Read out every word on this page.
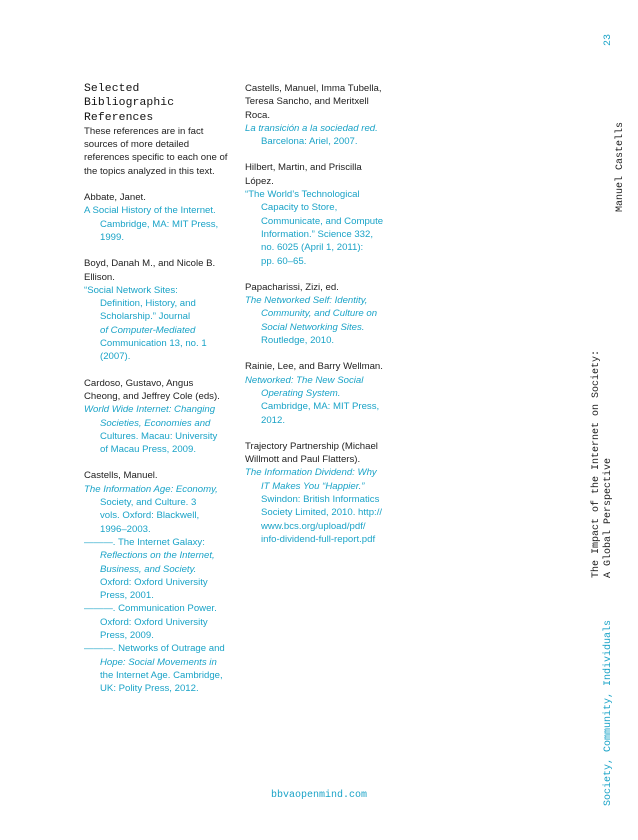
Selected
Bibliographic
References

These references are in fact sources of more detailed references specific to each one of the topics analyzed in this text.

Abbate, Janet.

A Social History of the Internet.

Cambridge, MA: MIT Press,

1999.

Boyd, Danah M., and Nicole B.

Ellison.

“Social Network Sites:

Definition, History, and

Scholarship.” Journal

of Computer-Mediated

Communication 13, no. 1

(2007).

Cardoso, Gustavo, Angus

Cheong, and Jeffrey Cole (eds).

World Wide Internet: Changing

Societies, Economies and

Cultures. Macau: University

of Macau Press, 2009.

Castells, Manuel.

The Information Age: Economy,

Society, and Culture. 3

vols. Oxford: Blackwell,

1996–2003.

———. The Internet Galaxy:

Reflections on the Internet,

Business, and Society.

Oxford: Oxford University

Press, 2001.

———. Communication Power.

Oxford: Oxford University

Press, 2009.

———. Networks of Outrage and

Hope: Social Movements in

the Internet Age. Cambridge,

UK: Polity Press, 2012.

Castells, Manuel, Imma Tubella,

Teresa Sancho, and Meritxell

Roca.

La transición a la sociedad red.

Barcelona: Ariel, 2007.

Hilbert, Martin, and Priscilla

López.

“The World’s Technological

Capacity to Store,

Communicate, and Compute

Information.” Science 332,

no. 6025 (April 1, 2011):

pp. 60–65.

Papacharissi, Zizi, ed.

The Networked Self: Identity,

Community, and Culture on

Social Networking Sites.

Routledge, 2010.

Rainie, Lee, and Barry Wellman.

Networked: The New Social

Operating System.

Cambridge, MA: MIT Press,

2012.

Trajectory Partnership (Michael

Willmott and Paul Flatters).

The Information Dividend: Why

IT Makes You “Happier.”

Swindon: British Informatics

Society Limited, 2010. http://

www.bcs.org/upload/pdf/

info-dividend-full-report.pdf

23
Manuel Castells
The Impact of the Internet on Society: A Global Perspective
Society, Community, Individuals
bbvaopenmind.com
